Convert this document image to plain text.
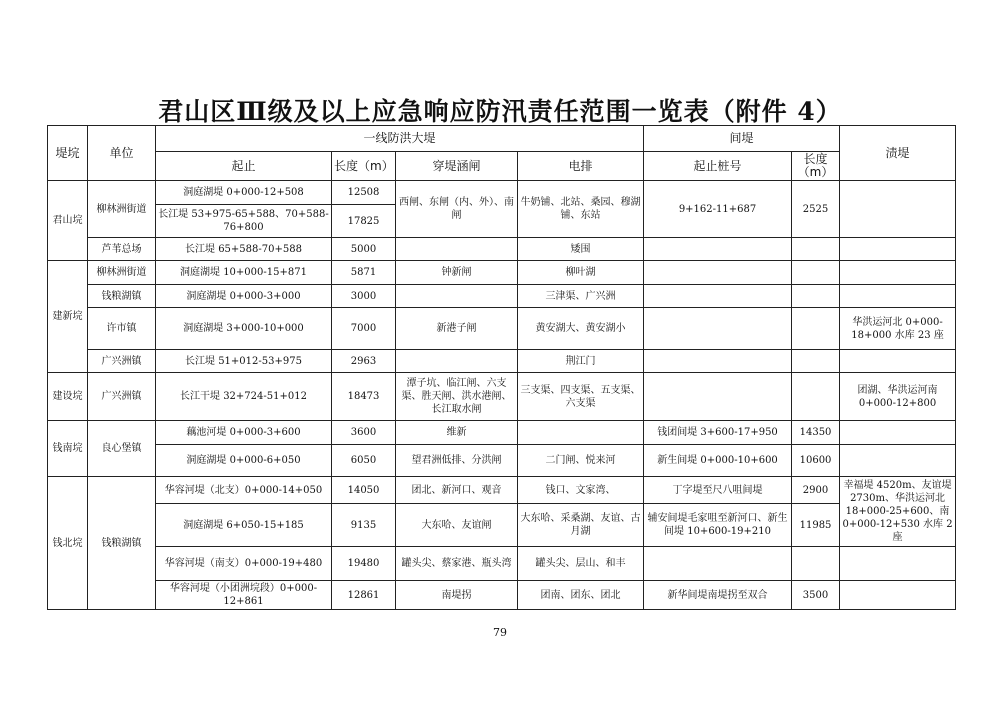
君山区Ⅲ级及以上应急响应防汛责任范围一览表（附件 4）
堤垸	单位	一线防洪大堤				间堤		渍堤
		起止	长度（m）	穿堤涵闸	电排	起止桩号	长度（m）	
君山垸	柳林洲街道	洞庭湖堤 0+000-12+508	12508	西闸、东闸（内、外）、南闸	牛奶铺、北站、桑园、穆湖铺、东站	9+162-11+687	2525	
		长江堤 53+975-65+588、70+588-76+800	17825					
	芦苇总场	长江堤 65+588-70+588	5000		矮围			
建新垸	柳林洲街道	洞庭湖堤 10+000-15+871	5871	钟新闸	柳叶湖			
	钱粮湖镇	洞庭湖堤 0+000-3+000	3000		三津渠、广兴洲			
	许市镇	洞庭湖堤 3+000-10+000	7000	新港子闸	黄安湖大、黄安湖小			华洪运河北 0+000-18+000 水库 23 座
	广兴洲镇	长江堤 51+012-53+975	2963		荆江门			
建设垸	广兴洲镇	长江干堤 32+724-51+012	18473	潭子坑、临江闸、六支渠、胜天闸、洪水港闸、长江取水闸	三支渠、四支渠、五支渠、六支渠			团湖、华洪运河南 0+000-12+800
钱南垸	良心堡镇	藕池河堤 0+000-3+600	3600	维新		钱团间堤 3+600-17+950	14350	
		洞庭湖堤 0+000-6+050	6050	望君洲低排、分洪闸	二门闸、悦来河	新生间堤 0+000-10+600	10600	
钱北垸	钱粮湖镇	华容河堤（北支）0+000-14+050	14050	团北、新河口、观音	钱口、文家湾、	丁字堤至尺八咀间堤	2900	幸福堤 4520m、友谊堤 2730m、华洪运河北 18+000-25+600、南 0+000-12+530 水库 2 座
		洞庭湖堤 6+050-15+185	9135	大东哈、友谊闸	大东哈、采桑湖、友谊、古月湖	辅安间堤毛家咀至新河口、新生间堤 10+600-19+210	11985	
		华容河堤（南支）0+000-19+480	19480	罐头尖、蔡家港、瓶头湾	罐头尖、层山、和丰			
		华容河堤（小团洲垸段）0+000-12+861	12861	南堤拐	团南、团东、团北	新华间堤南堤拐至双合	3500	
79
